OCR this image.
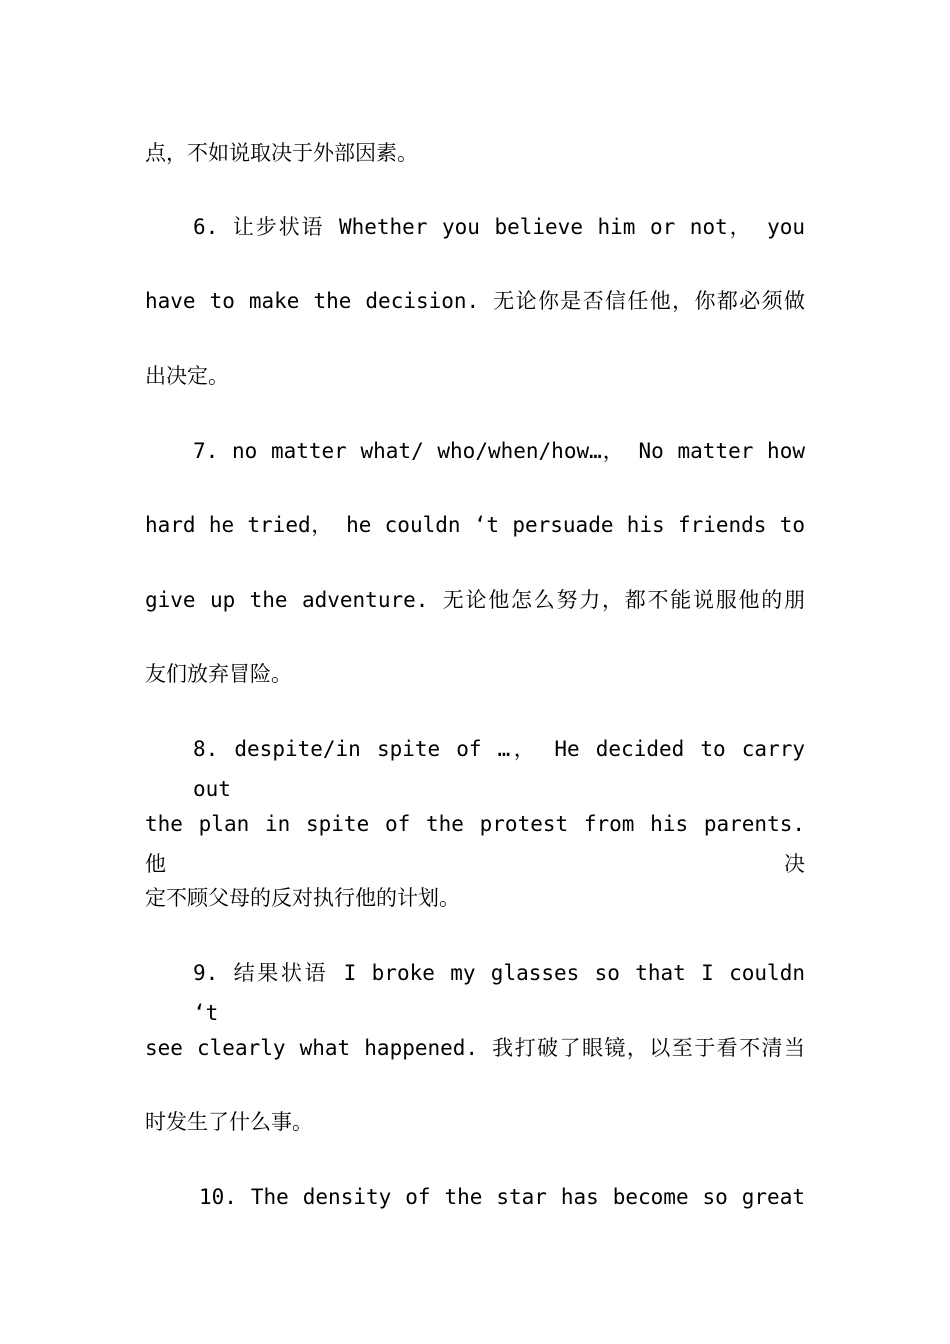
点，不如说取决于外部因素。
6. 让步状语 Whether you believe him or not， you
have to make the decision. 无论你是否信任他，你都必须做
出决定。
7. no matter what/ who/when/how…， No matter how
hard he tried， he couldn ‘t persuade his friends to
give up the adventure. 无论他怎么努力，都不能说服他的朋
友们放弃冒险。
8. despite/in spite of …， He decided to carry out
the plan in spite of the protest from his parents. 他决
定不顾父母的反对执行他的计划。
9. 结果状语 I broke my glasses so that I couldn ‘t
see clearly what happened. 我打破了眼镜，以至于看不清当
时发生了什么事。
10. The density of the star has become so great
